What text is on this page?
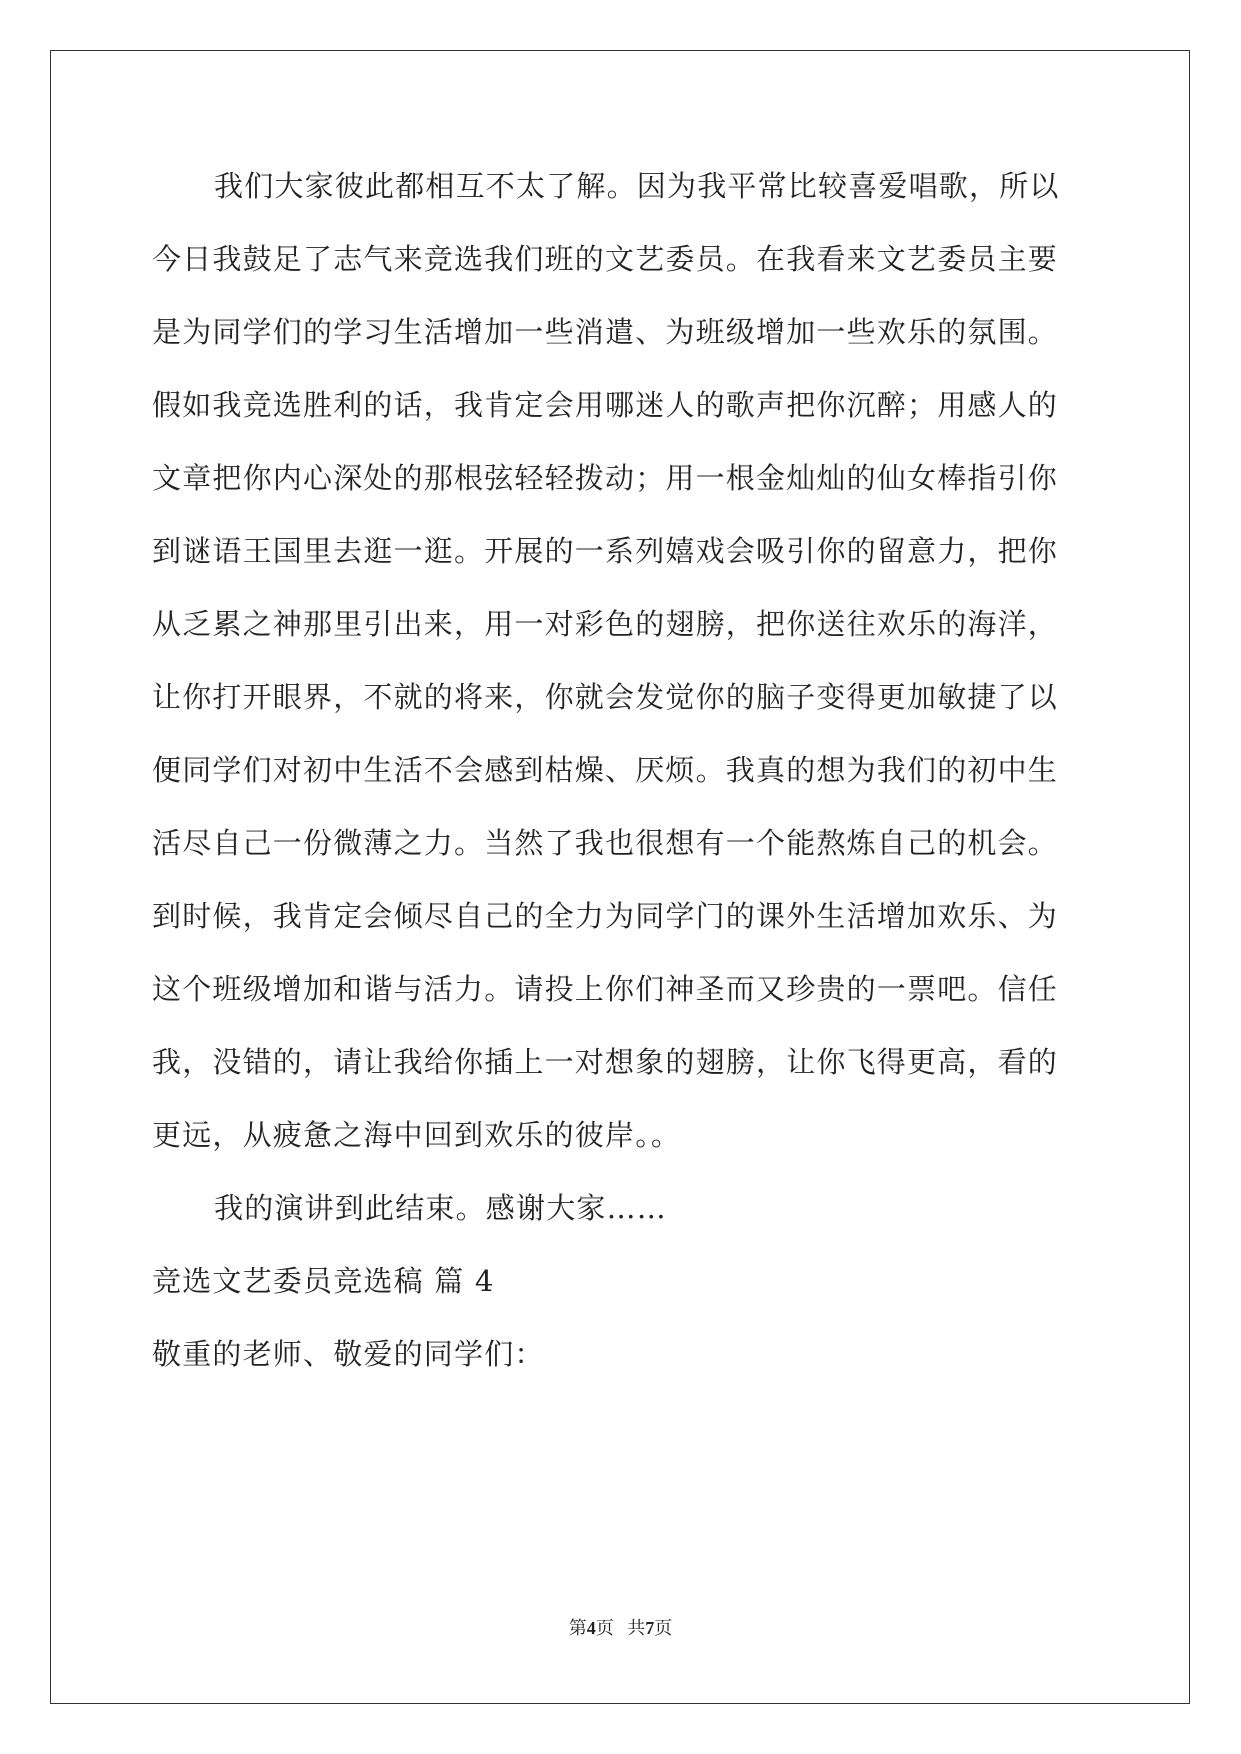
我们大家彼此都相互不太了解。因为我平常比较喜爱唱歌，所以
今日我鼓足了志气来竞选我们班的文艺委员。在我看来文艺委员主要
是为同学们的学习生活增加一些消遣、为班级增加一些欢乐的氛围。
假如我竞选胜利的话，我肯定会用哪迷人的歌声把你沉醉；用感人的
文章把你内心深处的那根弦轻轻拨动；用一根金灿灿的仙女棒指引你
到谜语王国里去逛一逛。开展的一系列嬉戏会吸引你的留意力，把你
从乏累之神那里引出来，用一对彩色的翅膀，把你送往欢乐的海洋，
让你打开眼界，不就的将来，你就会发觉你的脑子变得更加敏捷了以
便同学们对初中生活不会感到枯燥、厌烦。我真的想为我们的初中生
活尽自己一份微薄之力。当然了我也很想有一个能熬炼自己的机会。
到时候，我肯定会倾尽自己的全力为同学门的课外生活增加欢乐、为
这个班级增加和谐与活力。请投上你们神圣而又珍贵的一票吧。信任
我，没错的，请让我给你插上一对想象的翅膀，让你飞得更高，看的
更远，从疲惫之海中回到欢乐的彼岸。。
我的演讲到此结束。感谢大家……
竞选文艺委员竞选稿 篇 4
敬重的老师、敬爱的同学们：
第4页 共7页
